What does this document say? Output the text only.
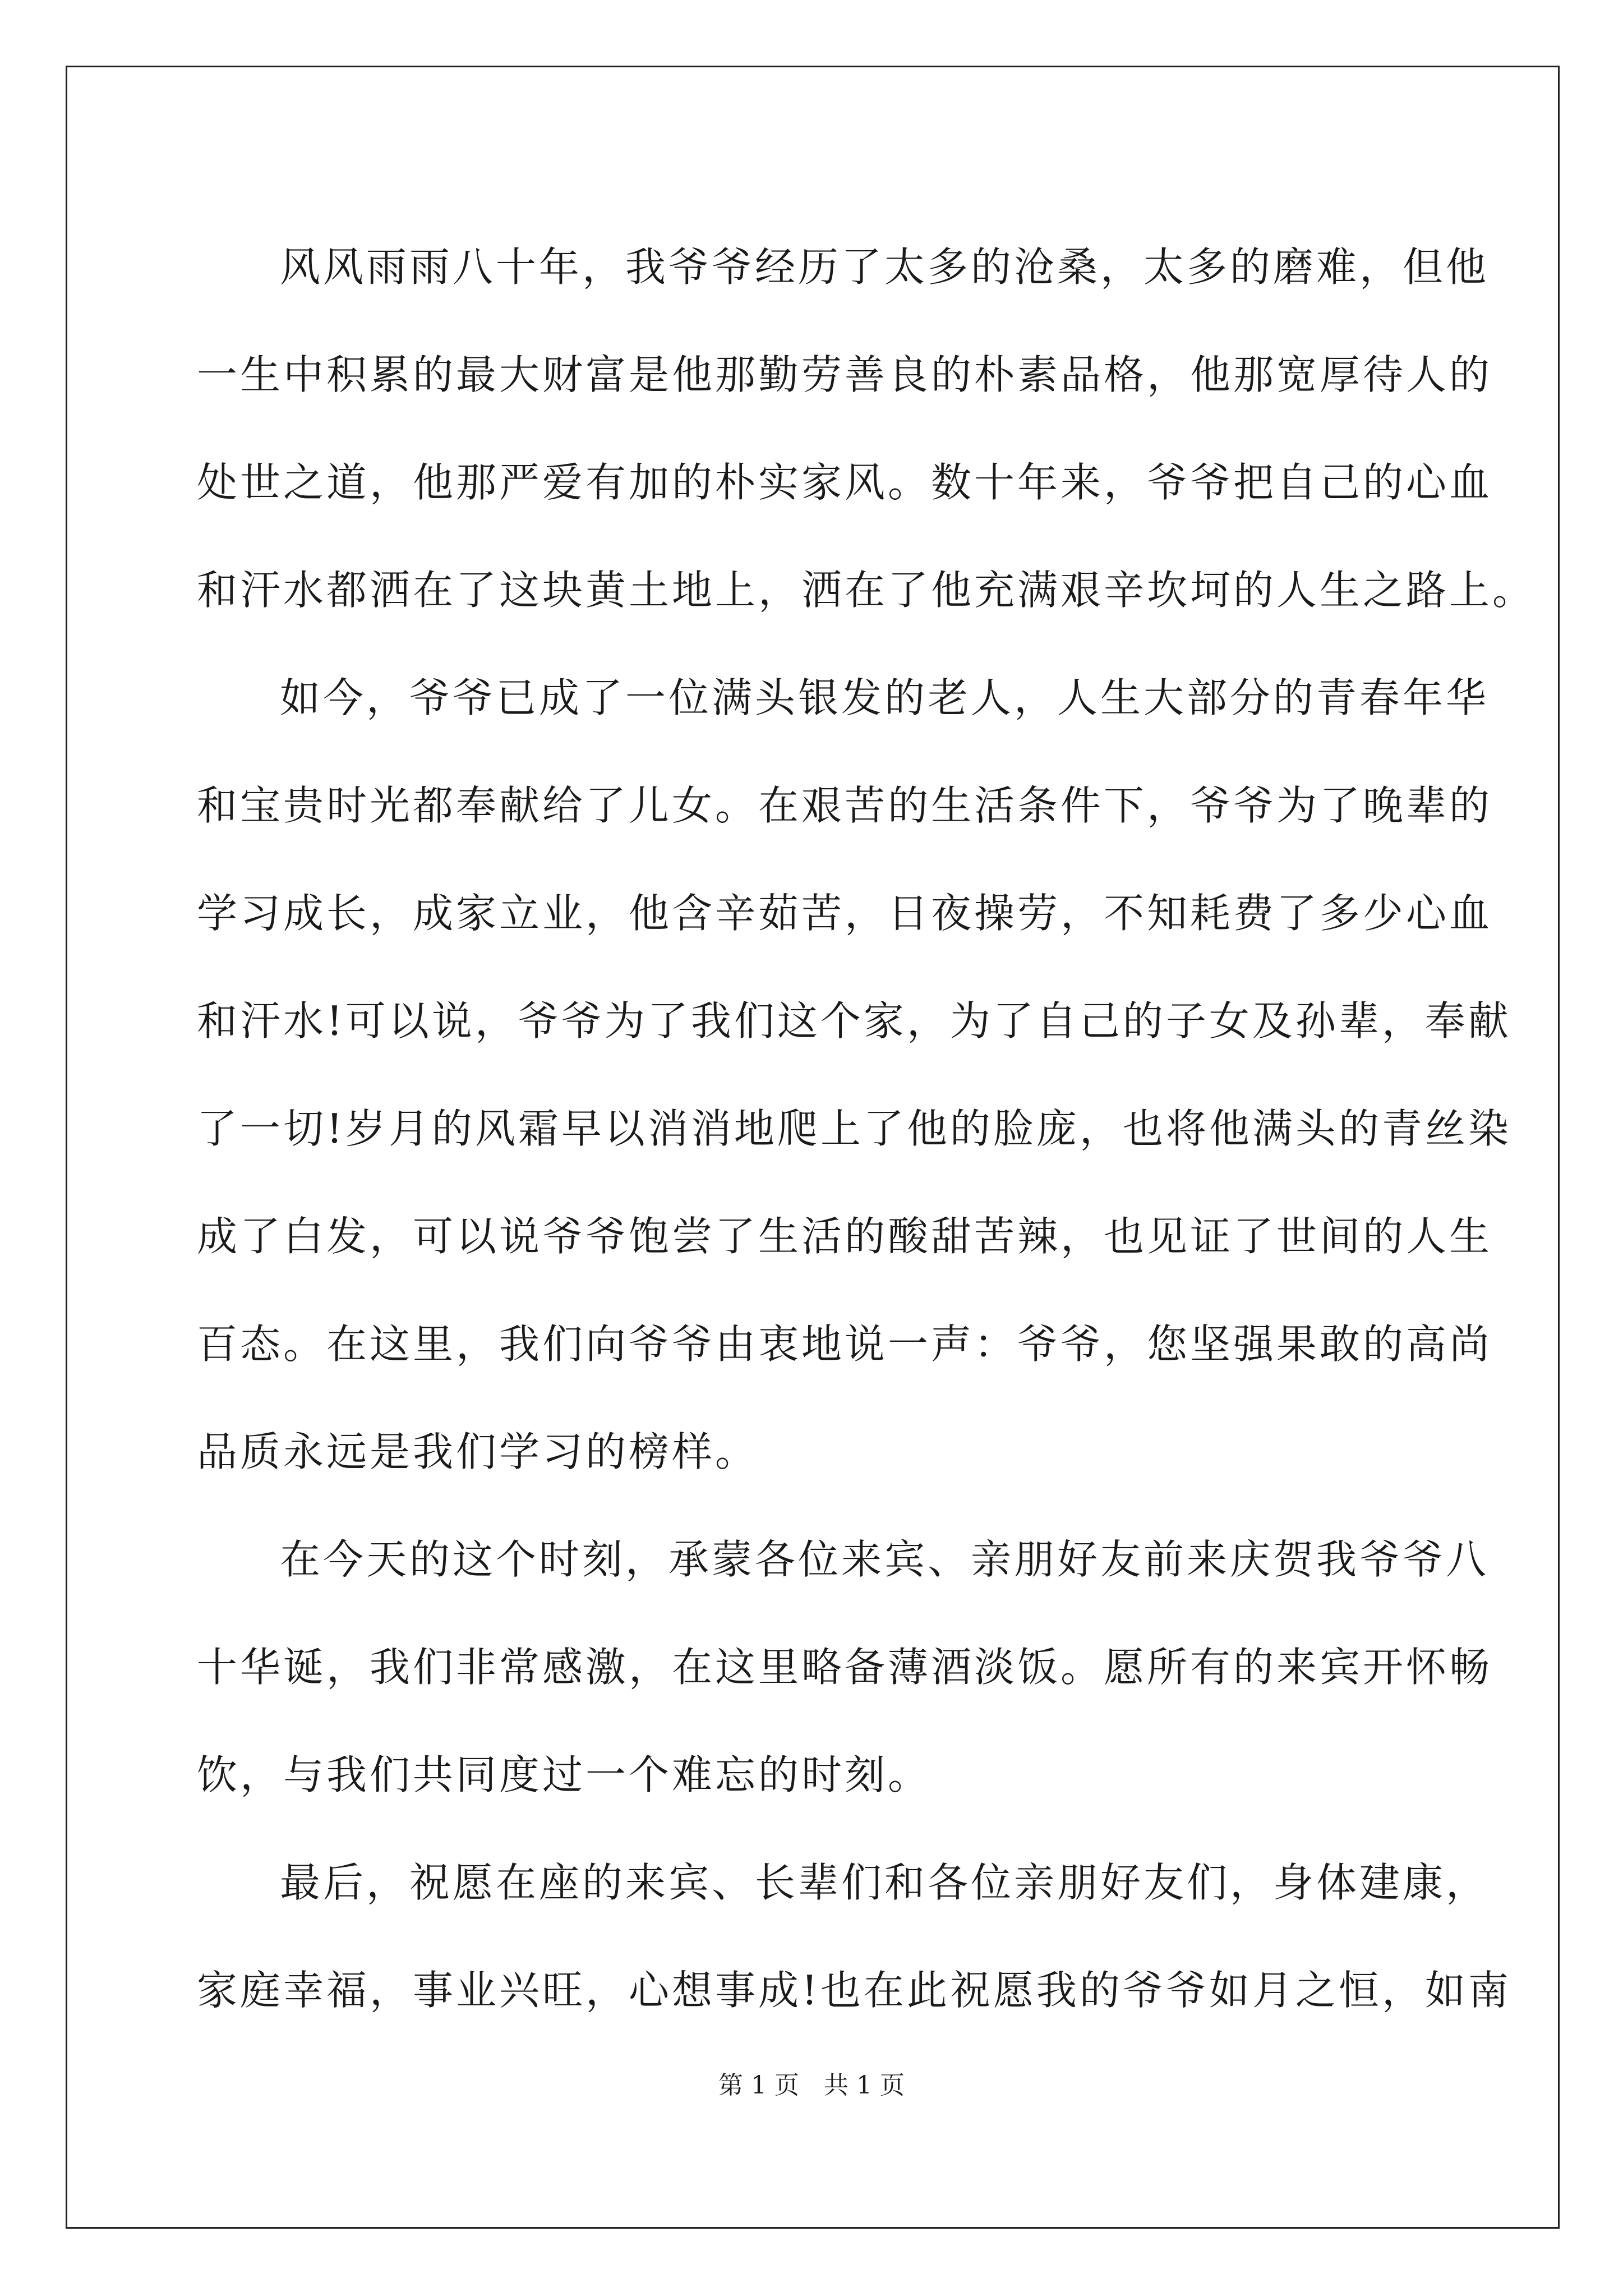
风风雨雨八十年，我爷爷经历了太多的沧桑，太多的磨难，但他
一生中积累的最大财富是他那勤劳善良的朴素品格，他那宽厚待人的
处世之道，他那严爱有加的朴实家风。数十年来，爷爷把自己的心血
和汗水都洒在了这块黄土地上，洒在了他充满艰辛坎坷的人生之路上。
如今，爷爷已成了一位满头银发的老人，人生大部分的青春年华
和宝贵时光都奉献给了儿女。在艰苦的生活条件下，爷爷为了晚辈的
学习成长，成家立业，他含辛茹苦，日夜操劳，不知耗费了多少心血
和汗水!可以说，爷爷为了我们这个家，为了自己的子女及孙辈，奉献
了一切!岁月的风霜早以消消地爬上了他的脸庞，也将他满头的青丝染
成了白发，可以说爷爷饱尝了生活的酸甜苦辣，也见证了世间的人生
百态。在这里，我们向爷爷由衷地说一声：爷爷，您坚强果敢的高尚
品质永远是我们学习的榜样。
在今天的这个时刻，承蒙各位来宾、亲朋好友前来庆贺我爷爷八
十华诞，我们非常感激，在这里略备薄酒淡饭。愿所有的来宾开怀畅
饮，与我们共同度过一个难忘的时刻。
最后，祝愿在座的来宾、长辈们和各位亲朋好友们，身体建康，
家庭幸福，事业兴旺，心想事成!也在此祝愿我的爷爷如月之恒，如南
第 1 页　共 1 页
